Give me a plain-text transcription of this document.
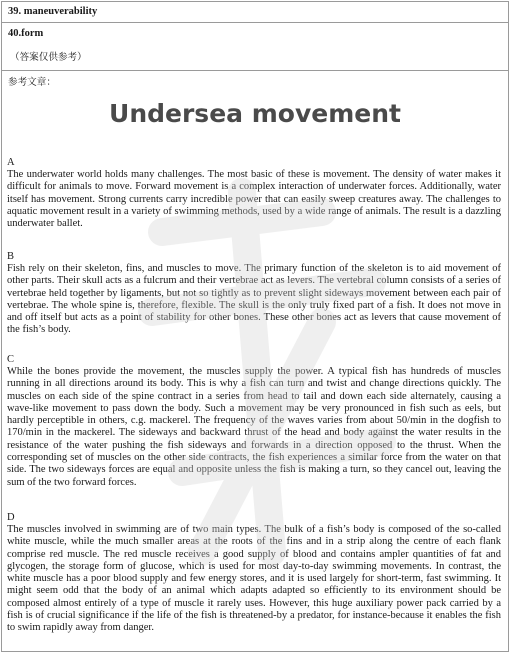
39. maneuverability
40.form
（答案仅供参考）
参考文章：
Undersea movement
A

The underwater world holds many challenges. The most basic of these is movement. The density of water makes it difficult for animals to move. Forward movement is a complex interaction of underwater forces. Additionally, water itself has movement. Strong currents carry incredible power that can easily sweep creatures away. The challenges to aquatic movement result in a variety of swimming methods, used by a wide range of animals. The result is a dazzling underwater ballet.

B

Fish rely on their skeleton, fins, and muscles to move. The primary function of the skeleton is to aid movement of other parts. Their skull acts as a fulcrum and their vertebrae act as levers. The vertebral column consists of a series of vertebrae held together by ligaments, but not so tightly as to prevent slight sideways movement between each pair of vertebrae. The whole spine is, therefore, flexible. The skull is the only truly fixed part of a fish. It does not move in and off itself but acts as a point of stability for other bones. These other bones act as levers that cause movement of the fish’s body.

C

While the bones provide the movement, the muscles supply the power. A typical fish has hundreds of muscles running in all directions around its body. This is why a fish can turn and twist and change directions quickly. The muscles on each side of the spine contract in a series from head to tail and down each side alternately, causing a wave-like movement to pass down the body. Such a movement may be very pronounced in fish such as eels, but hardly perceptible in others, c.g. mackerel. The frequency of the waves varies from about 50/min in the dogfish to 170/min in the mackerel. The sideways and backward thrust of the head and body against the water results in the resistance of the water pushing the fish sideways and forwards in a direction opposed to the thrust. When the corresponding set of muscles on the other side contracts, the fish experiences a similar force from the water on that side. The two sideways forces are equal and opposite unless the fish is making a turn, so they cancel out, leaving the sum of the two forward forces.

D

The muscles involved in swimming are of two main types. The bulk of a fish’s body is composed of the so-called white muscle, while the much smaller areas at the roots of the fins and in a strip along the centre of each flank comprise red muscle. The red muscle receives a good supply of blood and contains ampler quantities of fat and glycogen, the storage form of glucose, which is used for most day-to-day swimming movements. In contrast, the white muscle has a poor blood supply and few energy stores, and it is used largely for short-term, fast swimming. It might seem odd that the body of an animal which adapts adapted so efficiently to its environment should be composed almost entirely of a type of muscle it rarely uses. However, this huge auxiliary power pack carried by a fish is of crucial significance if the life of the fish is threatened-by a predator, for instance-because it enables the fish to swim rapidly away from danger.
